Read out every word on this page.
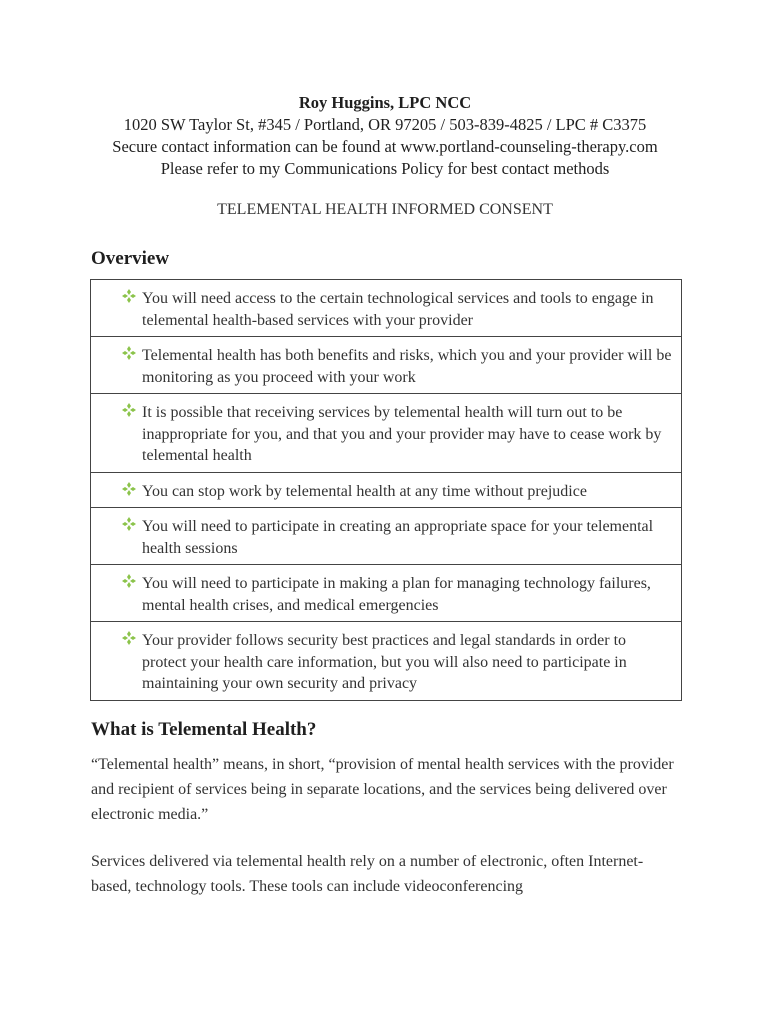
Roy Huggins, LPC NCC
1020 SW Taylor St, #345 / Portland, OR 97205 / 503-839-4825 / LPC # C3375
Secure contact information can be found at www.portland-counseling-therapy.com
Please refer to my Communications Policy for best contact methods
TELEMENTAL HEALTH INFORMED CONSENT
Overview
You will need access to the certain technological services and tools to engage in telemental health-based services with your provider
Telemental health has both benefits and risks, which you and your provider will be monitoring as you proceed with your work
It is possible that receiving services by telemental health will turn out to be inappropriate for you, and that you and your provider may have to cease work by telemental health
You can stop work by telemental health at any time without prejudice
You will need to participate in creating an appropriate space for your telemental health sessions
You will need to participate in making a plan for managing technology failures, mental health crises, and medical emergencies
Your provider follows security best practices and legal standards in order to protect your health care information, but you will also need to participate in maintaining your own security and privacy
What is Telemental Health?

“Telemental health” means, in short, “provision of mental health services with the provider and recipient of services being in separate locations, and the services being delivered over electronic media.”

Services delivered via telemental health rely on a number of electronic, often Internet-based, technology tools. These tools can include videoconferencing
